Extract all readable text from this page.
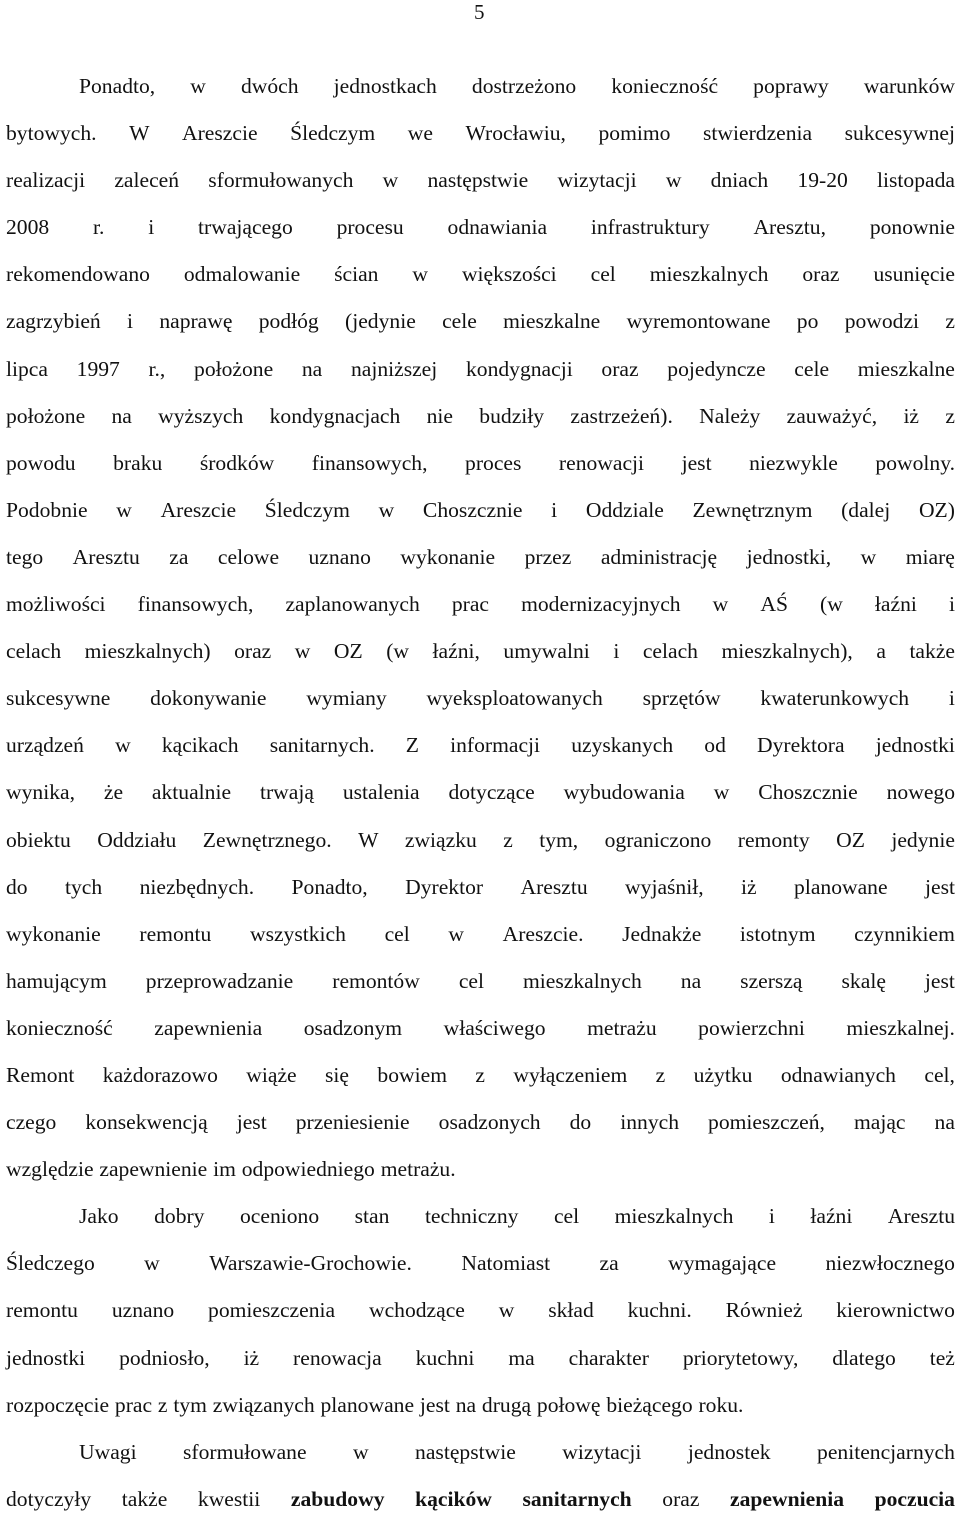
5
Ponadto, w dwóch jednostkach dostrzeżono konieczność poprawy warunków
bytowych. W Areszcie Śledczym we Wrocławiu, pomimo stwierdzenia sukcesywnej
realizacji zaleceń sformułowanych w następstwie wizytacji w dniach 19-20 listopada
2008 r. i trwającego procesu odnawiania infrastruktury Aresztu, ponownie
rekomendowano odmalowanie ścian w większości cel mieszkalnych oraz usunięcie
zagrzybień i naprawę podłóg (jedynie cele mieszkalne wyremontowane po powodzi z
lipca 1997 r., położone na najniższej kondygnacji oraz pojedyncze cele mieszkalne
położone na wyższych kondygnacjach nie budziły zastrzeżeń). Należy zauważyć, iż z
powodu braku środków finansowych, proces renowacji jest niezwykle powolny.
Podobnie w Areszcie Śledczym w Choszcznie i Oddziale Zewnętrznym (dalej OZ)
tego Aresztu za celowe uznano wykonanie przez administrację jednostki, w miarę
możliwości finansowych, zaplanowanych prac modernizacyjnych w AŚ (w łaźni i
celach mieszkalnych) oraz w OZ (w łaźni, umywalni i celach mieszkalnych), a także
sukcesywne dokonywanie wymiany wyeksploatowanych sprzętów kwaterunkowych i
urządzeń w kącikach sanitarnych. Z informacji uzyskanych od Dyrektora jednostki
wynika, że aktualnie trwają ustalenia dotyczące wybudowania w Choszcznie nowego
obiektu Oddziału Zewnętrznego. W związku z tym, ograniczono remonty OZ jedynie
do tych niezbędnych. Ponadto, Dyrektor Aresztu wyjaśnił, iż planowane jest
wykonanie remontu wszystkich cel w Areszcie. Jednakże istotnym czynnikiem
hamującym przeprowadzanie remontów cel mieszkalnych na szerszą skalę jest
konieczność zapewnienia osadzonym właściwego metrażu powierzchni mieszkalnej.
Remont każdorazowo wiąże się bowiem z wyłączeniem z użytku odnawianych cel,
czego konsekwencją jest przeniesienie osadzonych do innych pomieszczeń, mając na
względzie zapewnienie im odpowiedniego metrażu.
Jako dobry oceniono stan techniczny cel mieszkalnych i łaźni Aresztu
Śledczego w Warszawie-Grochowie. Natomiast za wymagające niezwłocznego
remontu uznano pomieszczenia wchodzące w skład kuchni. Również kierownictwo
jednostki podniosło, iż renowacja kuchni ma charakter priorytetowy, dlatego też
rozpoczęcie prac z tym związanych planowane jest na drugą połowę bieżącego roku.
Uwagi sformułowane w następstwie wizytacji jednostek penitencjarnych
dotyczyły także kwestii zabudowy kącików sanitarnych oraz zapewnienia poczucia
